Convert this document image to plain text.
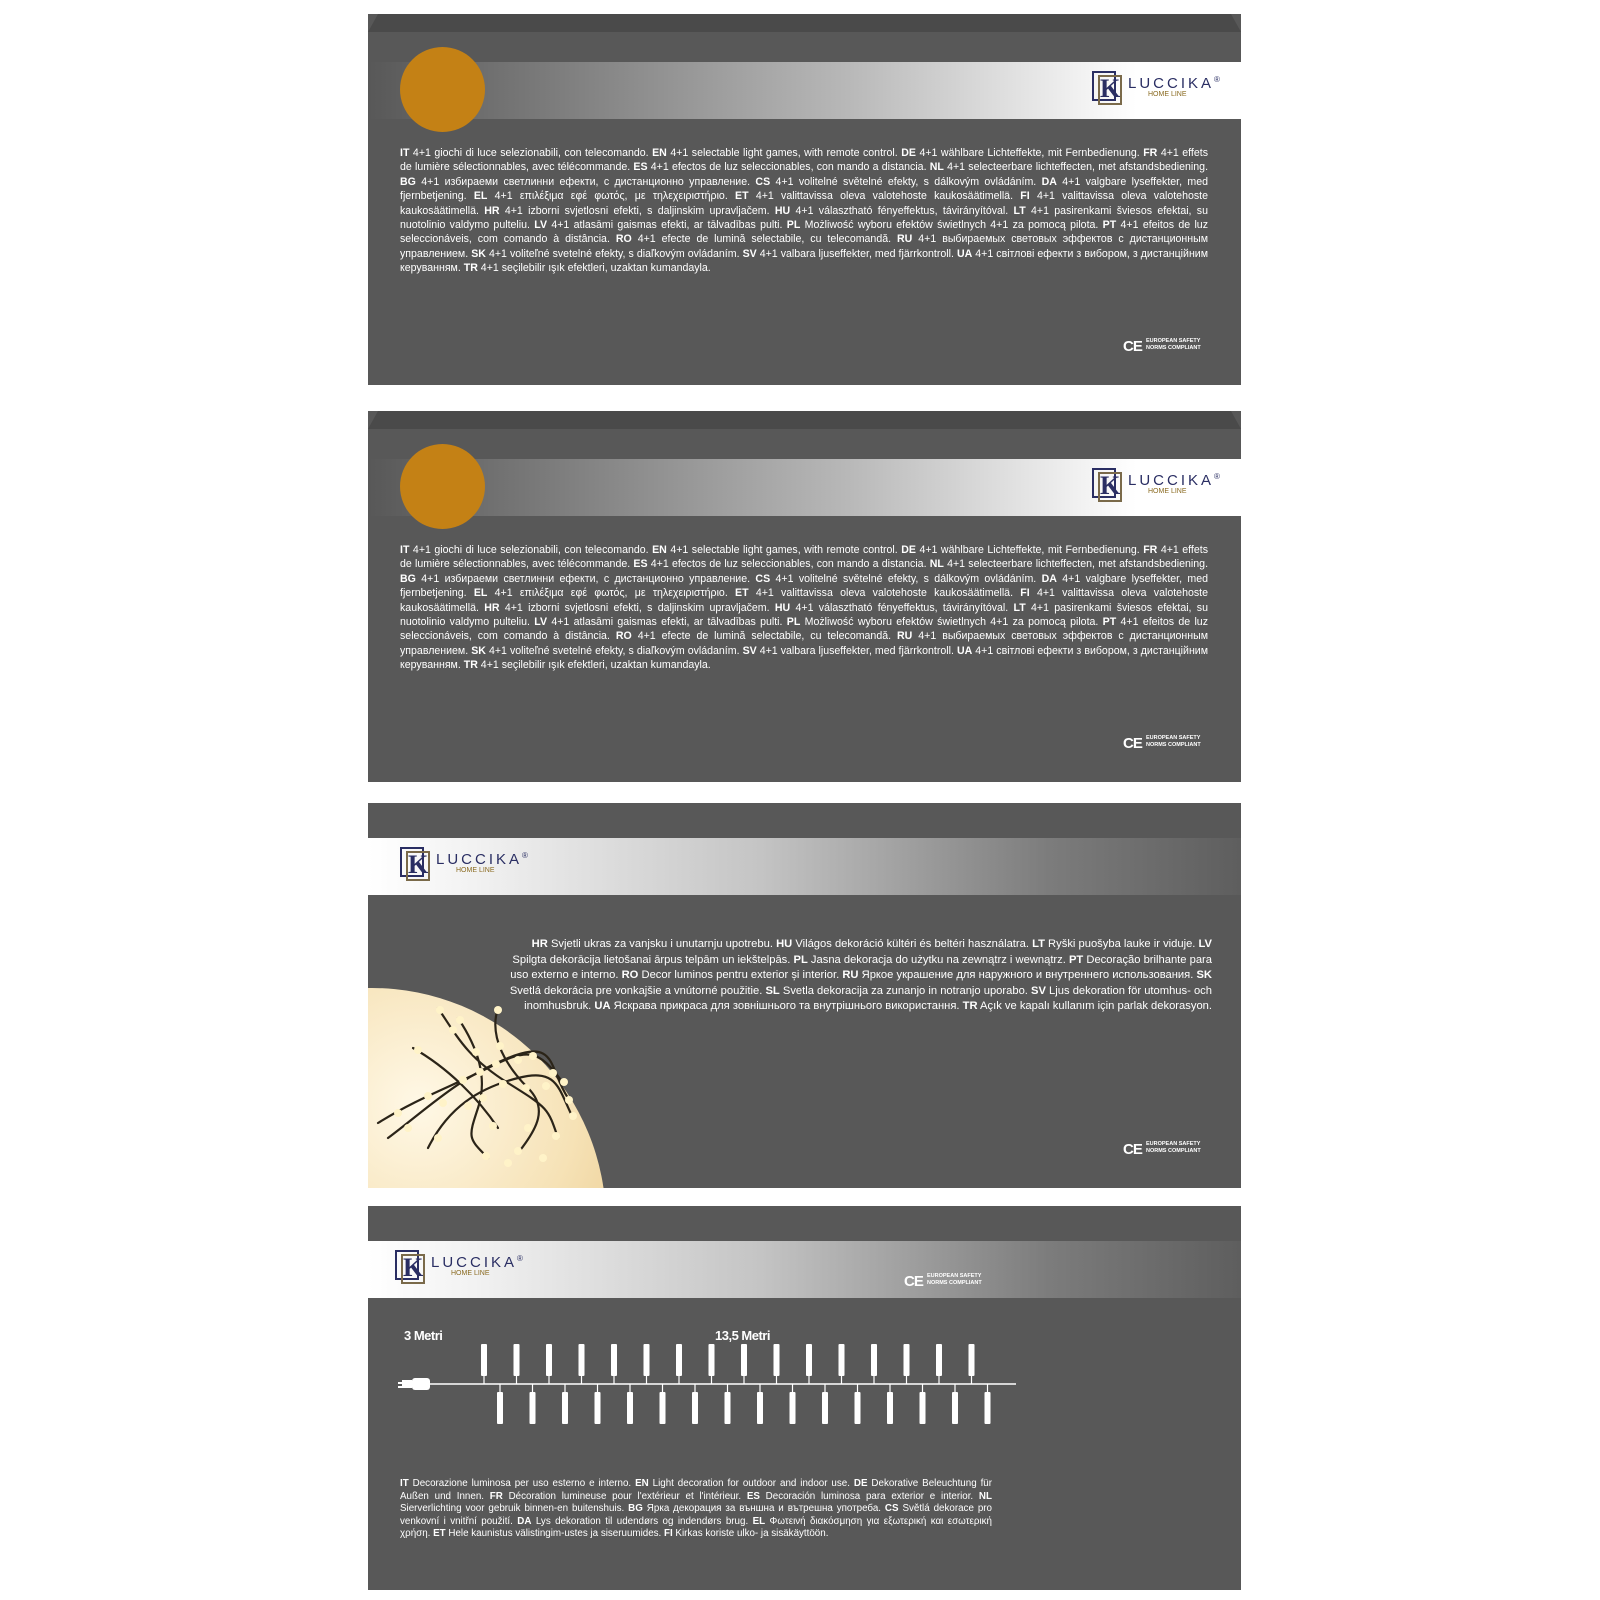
K LUCCIKA®
HOME LINE
IT 4+1 giochi di luce selezionabili, con telecomando. EN 4+1 selectable light games, with remote control. DE 4+1 wählbare Lichteffekte, mit Fernbedienung. FR 4+1 effets de lumière sélectionnables, avec télécommande. ES 4+1 efectos de luz seleccionables, con mando a distancia. NL 4+1 selecteerbare lichteffecten, met afstandsbediening. BG 4+1 избираеми светлинни ефекти, с дистанционно управление. CS 4+1 volitelné světelné efekty, s dálkovým ovládáním. DA 4+1 valgbare lyseffekter, med fjernbetjening. EL 4+1 επιλέξιμα εφέ φωτός, με τηλεχειριστήριο. ET 4+1 valittavissa oleva valotehoste kaukosäätimellä. FI 4+1 valittavissa oleva valotehoste kaukosäätimellä. HR 4+1 izborni svjetlosni efekti, s daljinskim upravljačem. HU 4+1 választható fényeffektus, távirányítóval. LT 4+1 pasirenkami šviesos efektai, su nuotolinio valdymo pulteliu. LV 4+1 atlasāmi gaismas efekti, ar tālvadības pulti. PL Możliwość wyboru efektów świetlnych 4+1 za pomocą pilota. PT 4+1 efeitos de luz seleccionáveis, com comando à distância. RO 4+1 efecte de lumină selectabile, cu telecomandă. RU 4+1 выбираемых световых эффектов с дистанционным управлением. SK 4+1 voliteľné svetelné efekty, s diaľkovým ovládaním. SV 4+1 valbara ljuseffekter, med fjärrkontroll. UA 4+1 світлові ефекти з вибором, з дистанційним керуванням. TR 4+1 seçilebilir ışık efektleri, uzaktan kumandayla.
CE EUROPEAN SAFETY
NORMS COMPLIANT
K LUCCIKA®
HOME LINE
IT 4+1 giochi di luce selezionabili, con telecomando. EN 4+1 selectable light games, with remote control. DE 4+1 wählbare Lichteffekte, mit Fernbedienung. FR 4+1 effets de lumière sélectionnables, avec télécommande. ES 4+1 efectos de luz seleccionables, con mando a distancia. NL 4+1 selecteerbare lichteffecten, met afstandsbediening. BG 4+1 избираеми светлинни ефекти, с дистанционно управление. CS 4+1 volitelné světelné efekty, s dálkovým ovládáním. DA 4+1 valgbare lyseffekter, med fjernbetjening. EL 4+1 επιλέξιμα εφέ φωτός, με τηλεχειριστήριο. ET 4+1 valittavissa oleva valotehoste kaukosäätimellä. FI 4+1 valittavissa oleva valotehoste kaukosäätimellä. HR 4+1 izborni svjetlosni efekti, s daljinskim upravljačem. HU 4+1 választható fényeffektus, távirányítóval. LT 4+1 pasirenkami šviesos efektai, su nuotolinio valdymo pulteliu. LV 4+1 atlasāmi gaismas efekti, ar tālvadības pulti. PL Możliwość wyboru efektów świetlnych 4+1 za pomocą pilota. PT 4+1 efeitos de luz seleccionáveis, com comando à distância. RO 4+1 efecte de lumină selectabile, cu telecomandă. RU 4+1 выбираемых световых эффектов с дистанционным управлением. SK 4+1 voliteľné svetelné efekty, s diaľkovým ovládaním. SV 4+1 valbara ljuseffekter, med fjärrkontroll. UA 4+1 світлові ефекти з вибором, з дистанційним керуванням. TR 4+1 seçilebilir ışık efektleri, uzaktan kumandayla.
CE EUROPEAN SAFETY
NORMS COMPLIANT
K LUCCIKA®
HOME LINE
HR Svjetli ukras za vanjsku i unutarnju upotrebu. HU Világos dekoráció kültéri és beltéri használatra. LT Ryški puošyba lauke ir viduje. LV Spilgta dekorācija lietošanai ārpus telpām un iekštelpās. PL Jasna dekoracja do użytku na zewnątrz i wewnątrz. PT Decoração brilhante para uso externo e interno. RO Decor luminos pentru exterior și interior. RU Яркое украшение для наружного и внутреннего использования. SK Svetlá dekorácia pre vonkajšie a vnútorné použitie. SL Svetla dekoracija za zunanjo in notranjo uporabo. SV Ljus dekoration för utomhus- och inomhusbruk. UA Яскрава прикраса для зовнішнього та внутрішнього використання. TR Açık ve kapalı kullanım için parlak dekorasyon.
CE EUROPEAN SAFETY
NORMS COMPLIANT
K LUCCIKA®
HOME LINE	CE EUROPEAN SAFETY
NORMS COMPLIANT
3 Metri	13,5 Metri
IT Decorazione luminosa per uso esterno e interno. EN Light decoration for outdoor and indoor use. DE Dekorative Beleuchtung für Außen und Innen. FR Décoration lumineuse pour l'extérieur et l'intérieur. ES Decoración luminosa para exterior e interior. NL Sierverlichting voor gebruik binnen-en buitenshuis. BG Ярка декорация за външна и вътрешна употреба. CS Světlá dekorace pro venkovní i vnitřní použití. DA Lys dekoration til udendørs og indendørs brug. EL Φωτεινή διακόσμηση για εξωτερική και εσωτερική χρήση. ET Hele kaunistus välistingim-ustes ja siseruumides. FI Kirkas koriste ulko- ja sisäkäyttöön.
